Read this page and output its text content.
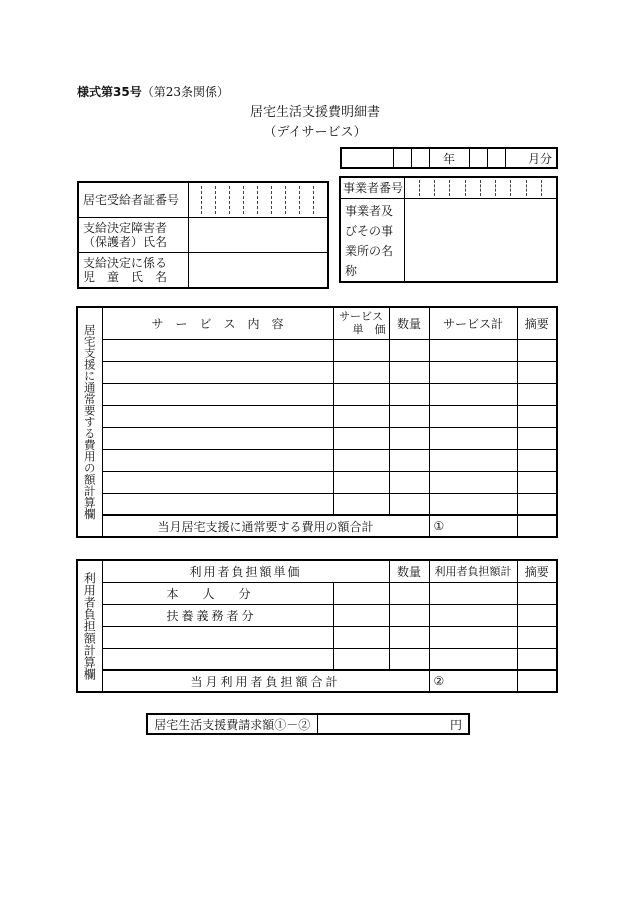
様式第35号（第23条関係）
居宅生活支援費明細書
（デイサービス）
			年			月分
居宅受給者証番号	

支給決定障害者
（保護者）氏名	

支給決定に係る
児　童　氏　名	

事業者番号	

事業者及
びその事
業所の名
称	

居宅支援に通常要する費用の額計算欄	サ　ー　ビ　ス　内　容	サービス
単　価	数量	サービス計	摘要

	当月居宅支援に通常要する費用の額合計			①	
利用者負担額計算欄	利用者負担額単価		数量	利用者負担額計	摘要
	本　　人　　分				
	扶養義務者分				

	当月利用者負担額合計			②	
居宅生活支援費請求額①－②	円
